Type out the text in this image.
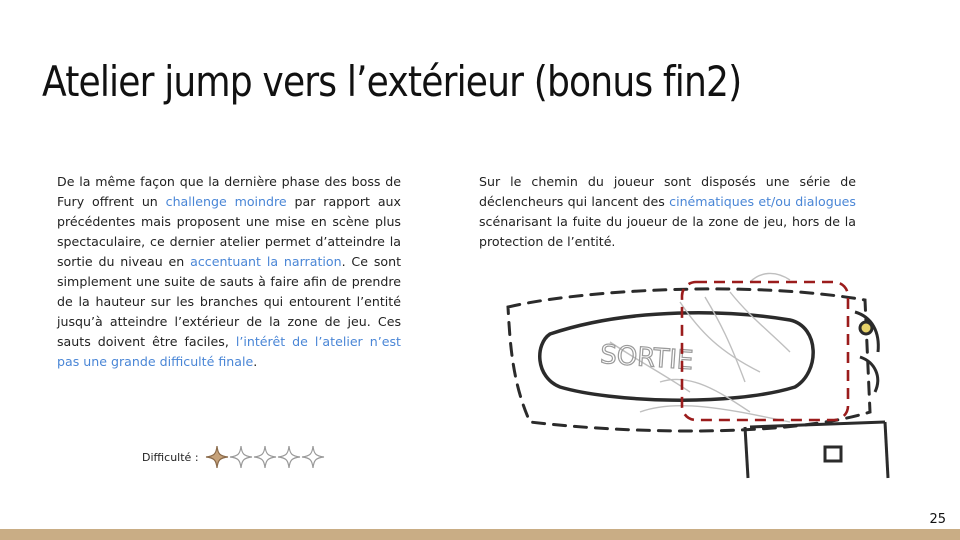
Atelier jump vers l’extérieur (bonus fin2)

De la même façon que la dernière phase des boss de Fury offrent un challenge moindre par rapport aux précédentes mais proposent une mise en scène plus spectaculaire, ce dernier atelier permet d’atteindre la sortie du niveau en accentuant la narration. Ce sont simplement une suite de sauts à faire afin de prendre de la hauteur sur les branches qui entourent l’entité jusqu’à atteindre l’extérieur de la zone de jeu. Ces sauts doivent être faciles, l’intérêt de l’atelier n’est pas une grande difficulté finale.

Sur le chemin du joueur sont disposés une série de déclencheurs qui lancent des cinématiques et/ou dialogues scénarisant la fuite du joueur de la zone de jeu, hors de la protection de l’entité.

Difficulté :
SORTIE
25
